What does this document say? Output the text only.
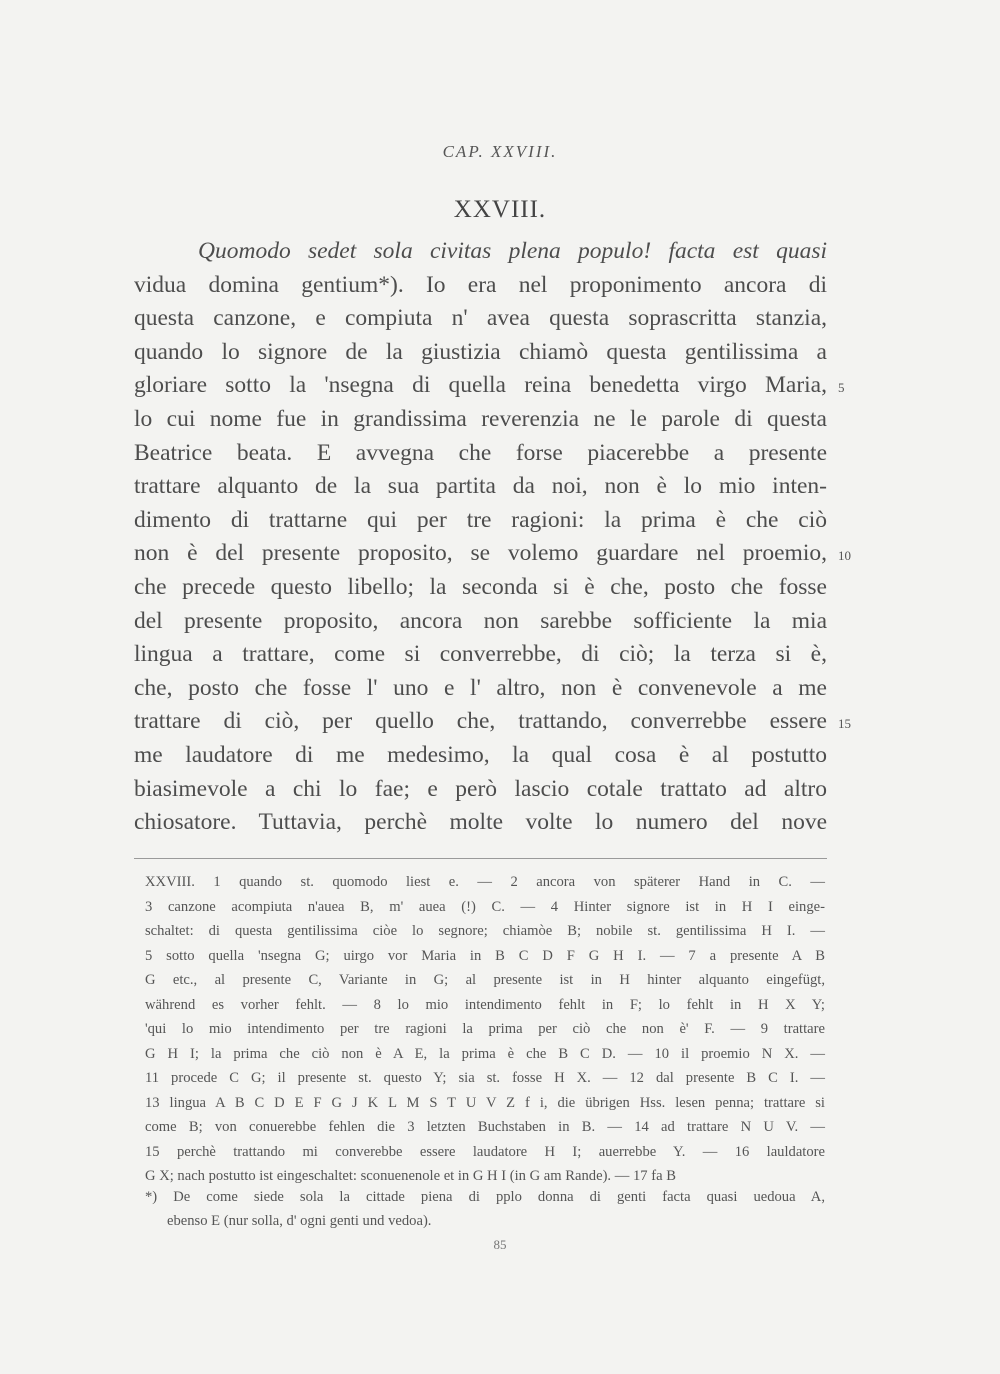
CAP. XXVIII.
XXVIII.
Quomodo sedet sola civitas plena populo! facta est quasi
vidua domina gentium*). Io era nel proponimento ancora di
questa canzone, e compiuta n' avea questa soprascritta stanzia,
quando lo signore de la giustizia chiamò questa gentilissima a
gloriare sotto la 'nsegna di quella reina benedetta virgo Maria,
lo cui nome fue in grandissima reverenzia ne le parole di questa
Beatrice beata. E avvegna che forse piacerebbe a presente
trattare alquanto de la sua partita da noi, non è lo mio inten-
dimento di trattarne qui per tre ragioni: la prima è che ciò
non è del presente proposito, se volemo guardare nel proemio,
che precede questo libello; la seconda si è che, posto che fosse
del presente proposito, ancora non sarebbe sofficiente la mia
lingua a trattare, come si converrebbe, di ciò; la terza si è,
che, posto che fosse l' uno e l' altro, non è convenevole a me
trattare di ciò, per quello che, trattando, converrebbe essere
me laudatore di me medesimo, la qual cosa è al postutto
biasimevole a chi lo fae; e però lascio cotale trattato ad altro
chiosatore. Tuttavia, perchè molte volte lo numero del nove
5
10
15
XXVIII. 1 quando st. quomodo liest e. — 2 ancora von späterer Hand in C. —
3 canzone acompiuta n'auea B, m' auea (!) C. — 4 Hinter signore ist in H I einge-
schaltet: di questa gentilissima ciòe lo segnore; chiamòe B; nobile st. gentilissima H I. —
5 sotto quella 'nsegna G; uirgo vor Maria in B C D F G H I. — 7 a presente A B
G etc., al presente C, Variante in G; al presente ist in H hinter alquanto eingefügt,
während es vorher fehlt. — 8 lo mio intendimento fehlt in F; lo fehlt in H X Y;
'qui lo mio intendimento per tre ragioni la prima per ciò che non è' F. — 9 trattare
G H I; la prima che ciò non è A E, la prima è che B C D. — 10 il proemio N X. —
11 procede C G; il presente st. questo Y; sia st. fosse H X. — 12 dal presente B C I. —
13 lingua A B C D E F G J K L M S T U V Z f i, die übrigen Hss. lesen penna; trattare si
come B; von conuerebbe fehlen die 3 letzten Buchstaben in B. — 14 ad trattare N U V. —
15 perchè trattando mi converebbe essere laudatore H I; auerrebbe Y. — 16 lauldatore
G X; nach postutto ist eingeschaltet: sconuenenole et in G H I (in G am Rande). — 17 fa B
*) De come siede sola la cittade piena di pplo donna di genti facta quasi uedoua A,
ebenso E (nur solla, d' ogni genti und vedoa).
85
